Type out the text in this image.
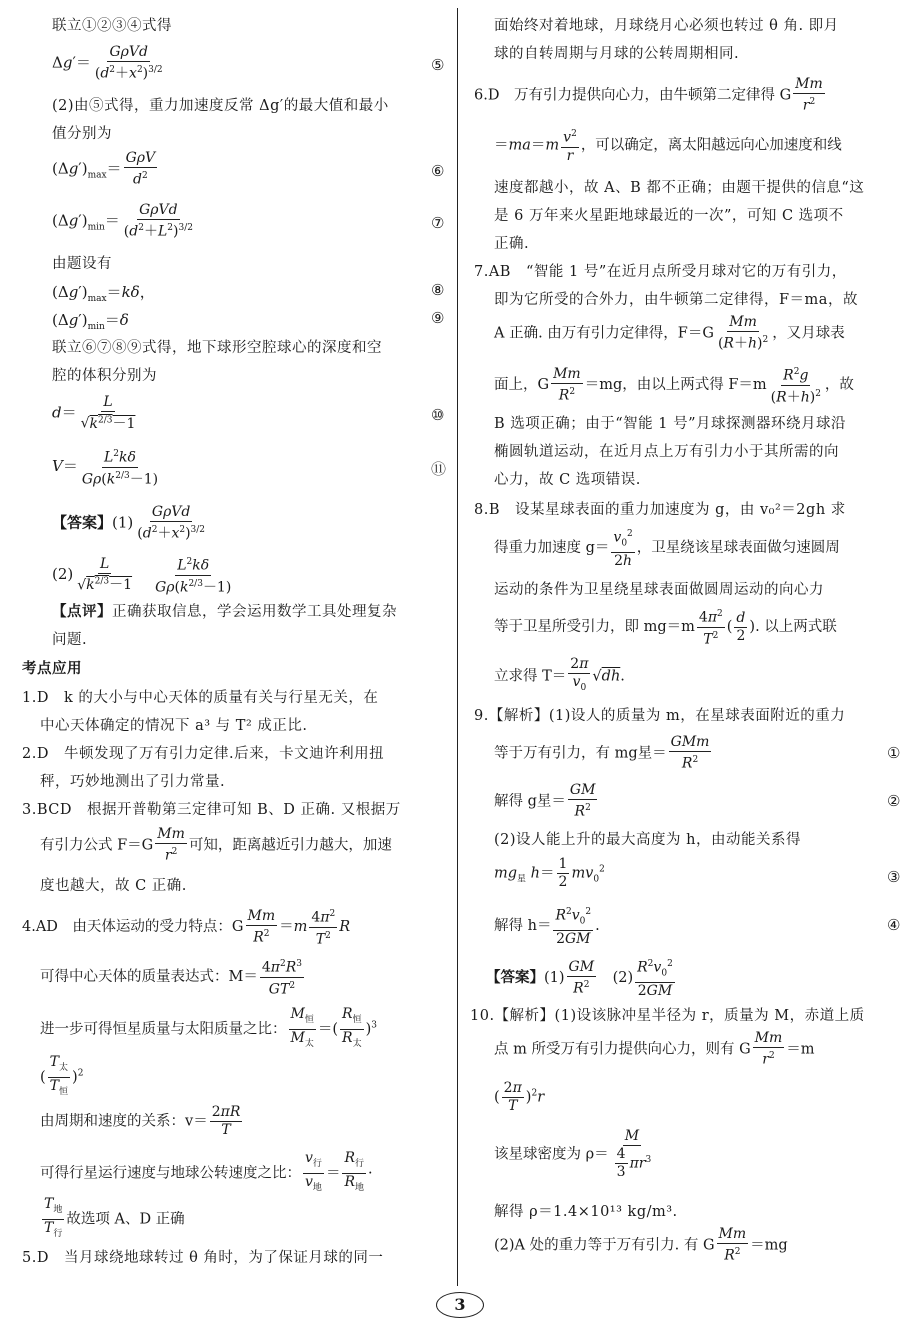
联立①②③④式得
$\Delta g'= \frac{\text{GρVd}}{(d^2+x^2)^{3/2}}$	⑤
(2)由⑤式得，重力加速度反常 Δg′的最大值和最小
值分别为
$(\Delta g')_{max}= \frac{\text{GρV}}{d^2}$	⑥
$(\Delta g')_{min}= \frac{\text{GρVd}}{(d^2+L^2)^{3/2}}$	⑦
由题设有
$(\Delta g')_{max}=k\delta$，	⑧
$(\Delta g')_{min}=\delta$	⑨
联立⑥⑦⑧⑨式得，地下球形空腔球心的深度和空
腔的体积分别为
$d= \frac{L}{√k^{2/3}-1}$	⑩
$V= \frac{L^2k\delta}{G\rho(k^{2/3}-1)}$	⑪
【答案】$(1) \frac{\text{GρVd}}{(d^2+x^2)^{3/2}}$
$(2) \frac{L}{√k^{2/3}-1}$
　 $\frac{L^2k\delta}{G\rho(k^{2/3}-1)}$
【点评】正确获取信息，学会运用数学工具处理复杂
问题.
考点应用
1.D　k 的大小与中心天体的质量有关与行星无关，在
中心天体确定的情况下 a³ 与 T² 成正比.
2.D　牛顿发现了万有引力定律.后来，卡文迪许利用扭
秤，巧妙地测出了引力常量.
3.BCD　根据开普勒第三定律可知 B、D 正确. 又根据万
有引力公式 $F=G \frac{Mm}{r^2}$ 可知，距离越近引力越大，加速
度也越大，故 C 正确.
4.AD　由天体运动的受力特点：G $\frac{Mm}{R^2} =m \frac{4\pi^2}{T^2}$ R
可得中心天体的质量表达式：$M= \frac{4\pi^2R^3}{GT^2}$
进一步可得恒星质量与太阳质量之比： $\frac{M_恒}{M_太}$ ＝( $\frac{R_恒}{R_太} )^3$
( $\frac{T_太}{T_恒} )^2$
由周期和速度的关系：$v= \frac{2\pi R}{T}$
可得行星运行速度与地球公转速度之比： $\frac{v_行}{v_地} = \frac{R_行}{R_地}$ ·
$\frac{T_地}{T_行}$ 故选项 A、D 正确
5.D　当月球绕地球转过 θ 角时，为了保证月球的同一
面始终对着地球，月球绕月心必须也转过 θ 角. 即月
球的自转周期与月球的公转周期相同.
6.D　万有引力提供向心力，由牛顿第二定律得 G $\frac{Mm}{r^2}$
$=ma=m \frac{v^2}{r}$ ，可以确定，离太阳越远向心加速度和线
速度都越小，故 A、B 都不正确；由题干提供的信息“这
是 6 万年来火星距地球最近的一次”，可知 C 选项不
正确.
7.AB　“智能 1 号”在近月点所受月球对它的万有引力，
即为它所受的合外力，由牛顿第二定律得，F＝ma，故
A 正确. 由万有引力定律得，$F=G \frac{Mm}{(R+h)^2}$ ，又月球表
面上，G $\frac{Mm}{R^2} =mg$，由以上两式得 $F=m \frac{R^2g}{(R+h)^2}$ ，故
B 选项正确；由于“智能 1 号”月球探测器环绕月球沿
椭圆轨道运动，在近月点上万有引力小于其所需的向
心力，故 C 选项错误.
8.B　设某星球表面的重力加速度为 g，由 v₀²＝2gh 求
得重力加速度 $g= \frac{v_0^2}{2h}$ ，卫星绕该星球表面做匀速圆周
运动的条件为卫星绕星球表面做圆周运动的向心力
等于卫星所受引力，即 $mg=m \frac{4\pi^2}{T^2}$ ( $\frac{d}{2}$ ). 以上两式联
立求得 $T= \frac{2\pi}{v_0} √dh$.
9.【解析】(1)设人的质量为 m，在星球表面附近的重力
等于万有引力，有 mg星＝ $\frac{\text{GMm}}{R^2}$	①
解得 g星＝ $\frac{GM}{R^2}$	②
(2)设人能上升的最大高度为 h，由动能关系得
$mg_星$ $h= \frac{1}{2} mv_0^2$	③
解得 $h= \frac{R^2v_0^2}{2GM}$ .	④
【答案】$(1) \frac{GM}{R^2}$ 　$(2) \frac{R^2v_0^2}{2GM}$
10.【解析】(1)设该脉冲星半径为 r，质量为 M，赤道上质
点 m 所受万有引力提供向心力，则有 G $\frac{Mm}{r^2} =m$
( $\frac{2\pi}{T} )^2r$
该星球密度为 $\rho= \frac{M}{\frac{4}{3} \pi r^3}$
解得 ρ＝1.4×10¹³ kg/m³.
(2)A 处的重力等于万有引力. 有 G $\frac{Mm}{R^2} =mg$
3
